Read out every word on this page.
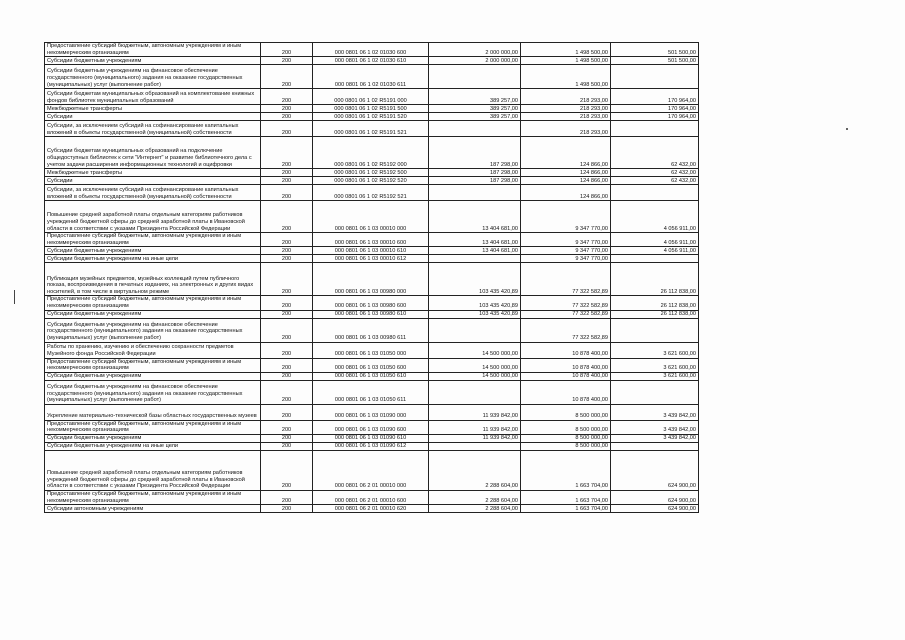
Предоставление субсидий бюджетным, автономным учреждениям и иным некоммерческим организациям	200	000 0801 06 1 02 01030 600	2 000 000,00	1 498 500,00	501 500,00
Субсидии бюджетным учреждениям	200	000 0801 06 1 02 01030 610	2 000 000,00	1 498 500,00	501 500,00
Субсидии бюджетным учреждениям на финансовое обеспечение государственного (муниципального) задания на оказание государственных (муниципальных) услуг (выполнение работ)	200	000 0801 06 1 02 01030 611		1 498 500,00	
Субсидии бюджетам муниципальных образований на комплектование книжных фондов библиотек муниципальных образований	200	000 0801 06 1 02 R5191 000	389 257,00	218 293,00	170 964,00
Межбюджетные трансферты	200	000 0801 06 1 02 R5191 500	389 257,00	218 293,00	170 964,00
Субсидии	200	000 0801 06 1 02 R5191 520	389 257,00	218 293,00	170 964,00
Субсидии, за исключением субсидий на софинансирование капитальных вложений в объекты государственной (муниципальной) собственности	200	000 0801 06 1 02 R5191 521		218 293,00	
Субсидии бюджетам муниципальных образований на подключение общедоступных библиотек к сети "Интернет" и развитие библиотечного дела с учетом задачи расширения информационных технологий и оцифровки	200	000 0801 06 1 02 R5192 000	187 298,00	124 866,00	62 432,00
Межбюджетные трансферты	200	000 0801 06 1 02 R5192 500	187 298,00	124 866,00	62 432,00
Субсидии	200	000 0801 06 1 02 R5192 520	187 298,00	124 866,00	62 432,00
Субсидии, за исключением субсидий на софинансирование капитальных вложений в объекты государственной (муниципальной) собственности	200	000 0801 06 1 02 R5192 521		124 866,00	
Повышение средней заработной платы отдельным категориям работников учреждений бюджетной сферы до средней заработной платы в Ивановской области в соответствии с указами Президента Российской Федерации	200	000 0801 06 1 03 00010 000	13 404 681,00	9 347 770,00	4 056 911,00
Предоставление субсидий бюджетным, автономным учреждениям и иным некоммерческим организациям	200	000 0801 06 1 03 00010 600	13 404 681,00	9 347 770,00	4 056 911,00
Субсидии бюджетным учреждениям	200	000 0801 06 1 03 00010 610	13 404 681,00	9 347 770,00	4 056 911,00
Субсидии бюджетным учреждениям на иные цели	200	000 0801 06 1 03 00010 612		9 347 770,00	
Публикация музейных предметов, музейных коллекций путем публичного показа, воспроизведения в печатных изданиях, на электронных и других видах носителей, в том числе в виртуальном режиме	200	000 0801 06 1 03 00980 000	103 435 420,89	77 322 582,89	26 112 838,00
Предоставление субсидий бюджетным, автономным учреждениям и иным некоммерческим организациям	200	000 0801 06 1 03 00980 600	103 435 420,89	77 322 582,89	26 112 838,00
Субсидии бюджетным учреждениям	200	000 0801 06 1 03 00980 610	103 435 420,89	77 322 582,89	26 112 838,00
Субсидии бюджетным учреждениям на финансовое обеспечение государственного (муниципального) задания на оказание государственных (муниципальных) услуг (выполнение работ)	200	000 0801 06 1 03 00980 611		77 322 582,89	
Работы по хранению, изучению и обеспечению сохранности предметов Музейного фонда Российской Федерации	200	000 0801 06 1 03 01050 000	14 500 000,00	10 878 400,00	3 621 600,00
Предоставление субсидий бюджетным, автономным учреждениям и иным некоммерческим организациям	200	000 0801 06 1 03 01050 600	14 500 000,00	10 878 400,00	3 621 600,00
Субсидии бюджетным учреждениям	200	000 0801 06 1 03 01050 610	14 500 000,00	10 878 400,00	3 621 600,00
Субсидии бюджетным учреждениям на финансовое обеспечение государственного (муниципального) задания на оказание государственных (муниципальных) услуг (выполнение работ)	200	000 0801 06 1 03 01050 611		10 878 400,00	
Укрепление материально-технической базы областных государственных музеев	200	000 0801 06 1 03 01090 000	11 939 842,00	8 500 000,00	3 439 842,00
Предоставление субсидий бюджетным, автономным учреждениям и иным некоммерческим организациям	200	000 0801 06 1 03 01090 600	11 939 842,00	8 500 000,00	3 439 842,00
Субсидии бюджетным учреждениям	200	000 0801 06 1 03 01090 610	11 939 842,00	8 500 000,00	3 439 842,00
Субсидии бюджетным учреждениям на иные цели	200	000 0801 06 1 03 01090 612		8 500 000,00	
Повышение средней заработной платы отдельным категориям работников учреждений бюджетной сферы до средней заработной платы в Ивановской области в соответствии с указами Президента Российской Федерации	200	000 0801 06 2 01 00010 000	2 288 604,00	1 663 704,00	624 900,00
Предоставление субсидий бюджетным, автономным учреждениям и иным некоммерческим организациям	200	000 0801 06 2 01 00010 600	2 288 604,00	1 663 704,00	624 900,00
Субсидии автономным учреждениям	200	000 0801 06 2 01 00010 620	2 288 604,00	1 663 704,00	624 900,00
